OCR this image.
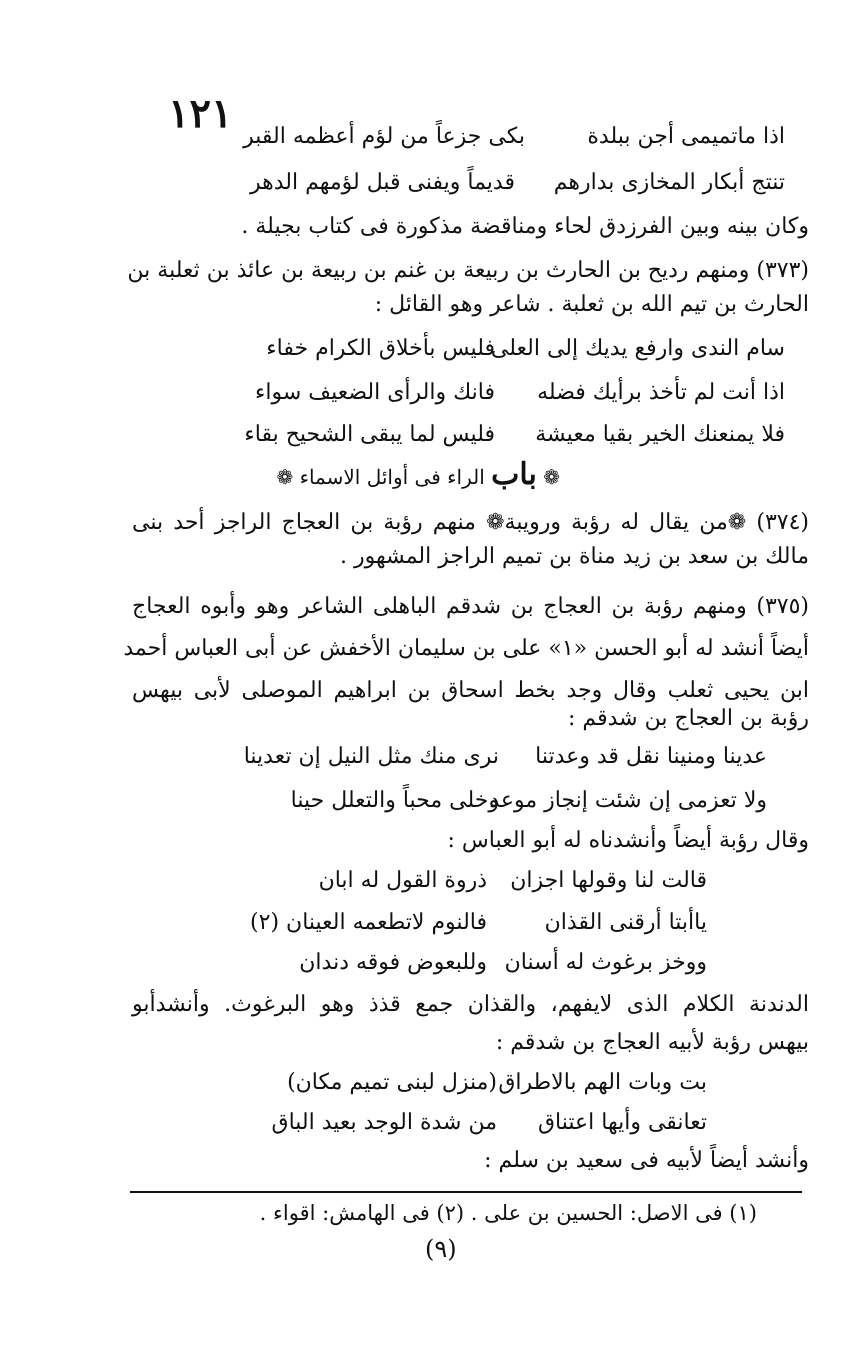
١٢١	اذا ماتميمى أجن ببلدة
بكى جزعاً من لؤم أعظمه القبر
تنتج أبكار المخازى بدارهم
قديماً ويفنى قبل لؤمهم الدهر
وكان بينه وبين الفرزدق لحاء ومناقضة مذكورة فى كتاب بجيلة .
(٣٧٣) ومنهم رديح بن الحارث بن ربيعة بن غنم بن ربيعة بن عائذ بن ثعلبة بن
الحارث بن تيم الله بن ثعلبة . شاعر وهو القائل :
سام الندى وارفع يديك إلى العلى
فليس بأخلاق الكرام خفاء
اذا أنت لم تأخذ برأيك فضله
فانك والرأى الضعيف سواء
فلا يمنعنك الخير بقيا معيشة
فليس لما يبقى الشحيح بقاء
❁ باب الراء فى أوائل الاسماء ❁
(٣٧٤) ❁من يقال له رؤبة ورويبة❁ منهم رؤبة بن العجاج الراجز أحد بنى
مالك بن سعد بن زيد مناة بن تميم الراجز المشهور .
(٣٧٥) ومنهم رؤبة بن العجاج بن شدقم الباهلى الشاعر وهو وأبوه العجاج
أيضاً أنشد له أبو الحسن «١» على بن سليمان الأخفش عن أبى العباس أحمد
ابن يحيى ثعلب وقال وجد بخط اسحاق بن ابراهيم الموصلى لأبى بيهس
رؤبة بن العجاج بن شدقم :
عدينا ومنينا نقل قد وعدتنا
نرى منك مثل النيل إن تعدينا
ولا تعزمى إن شئت إنجاز موعد
وخلى محباً والتعلل حينا
وقال رؤبة أيضاً وأنشدناه له أبو العباس :
قالت لنا وقولها اجزان
ذروة القول له ابان
ياأبتا أرقنى القذان
فالنوم لاتطعمه العينان (٢)
ووخز برغوث له أسنان
وللبعوض فوقه دندان
الدندنة الكلام الذى لايفهم، والقذان جمع قذذ وهو البرغوث. وأنشدأبو
بيهس رؤبة لأبيه العجاج بن شدقم :
بت وبات الهم بالاطراق
(منزل لبنى تميم مكان)
تعانقى وأيها اعتناق
من شدة الوجد بعيد الباق
وأنشد أيضاً لأبيه فى سعيد بن سلم :
(١) فى الاصل: الحسين بن على . (٢) فى الهامش: اقواء .
(٩)
